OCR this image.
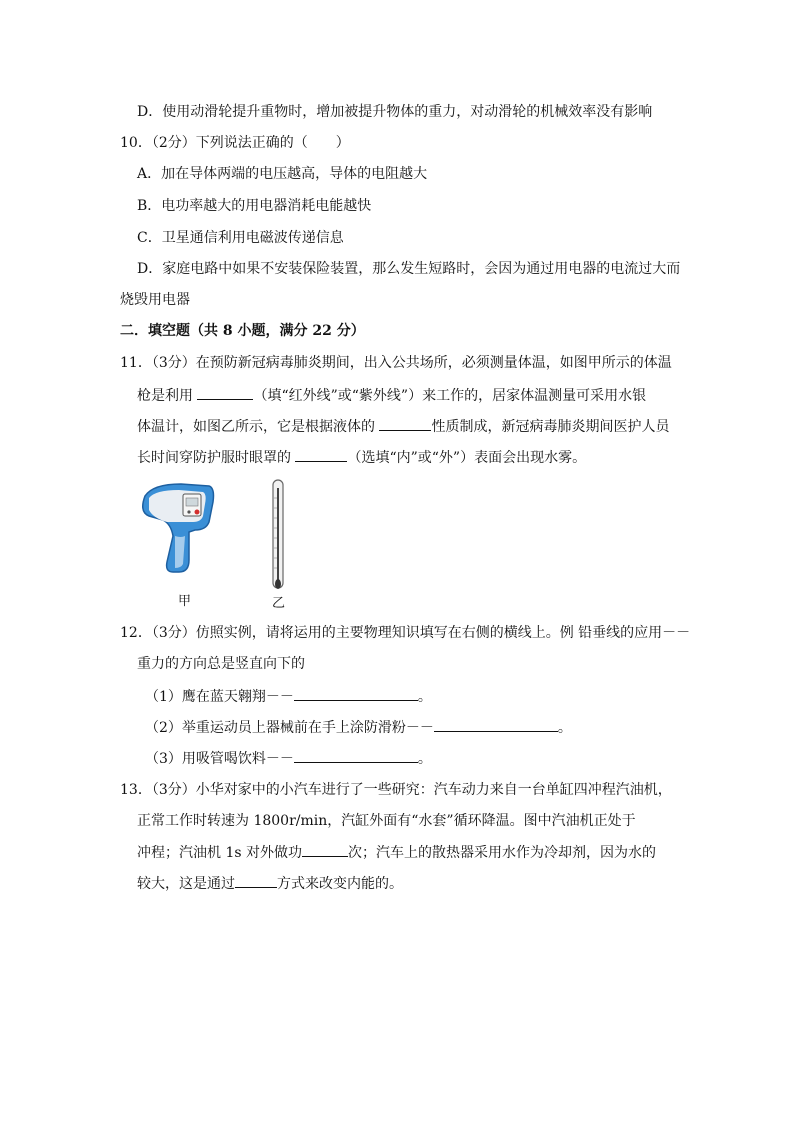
D．使用动滑轮提升重物时，增加被提升物体的重力，对动滑轮的机械效率没有影响
10．（2分）下列说法正确的（　　）
A．加在导体两端的电压越高，导体的电阻越大
B．电功率越大的用电器消耗电能越快
C．卫星通信利用电磁波传递信息
D．家庭电路中如果不安装保险装置，那么发生短路时，会因为通过用电器的电流过大而
烧毁用电器
二．填空题（共 8 小题，满分 22 分）
11．（3分）在预防新冠病毒肺炎期间，出入公共场所，必须测量体温，如图甲所示的体温
枪是利用	（填“红外线”或“紫外线”）来工作的，居家体温测量可采用水银
体温计，如图乙所示，它是根据液体的	性质制成，新冠病毒肺炎期间医护人员
长时间穿防护服时眼罩的	（选填“内”或“外”）表面会出现水雾。
甲	乙
12．（3分）仿照实例，请将运用的主要物理知识填写在右侧的横线上。例 铅垂线的应用－－
重力的方向总是竖直向下的
（1）鹰在蓝天翱翔－－	。
（2）举重运动员上器械前在手上涂防滑粉－－	。
（3）用吸管喝饮料－－	。
13．（3分）小华对家中的小汽车进行了一些研究：汽车动力来自一台单缸四冲程汽油机，
正常工作时转速为 1800r/min，汽缸外面有“水套”循环降温。图中汽油机正处于
冲程；汽油机 1s 对外做功	次；汽车上的散热器采用水作为冷却剂，因为水的
较大，这是通过	方式来改变内能的。
